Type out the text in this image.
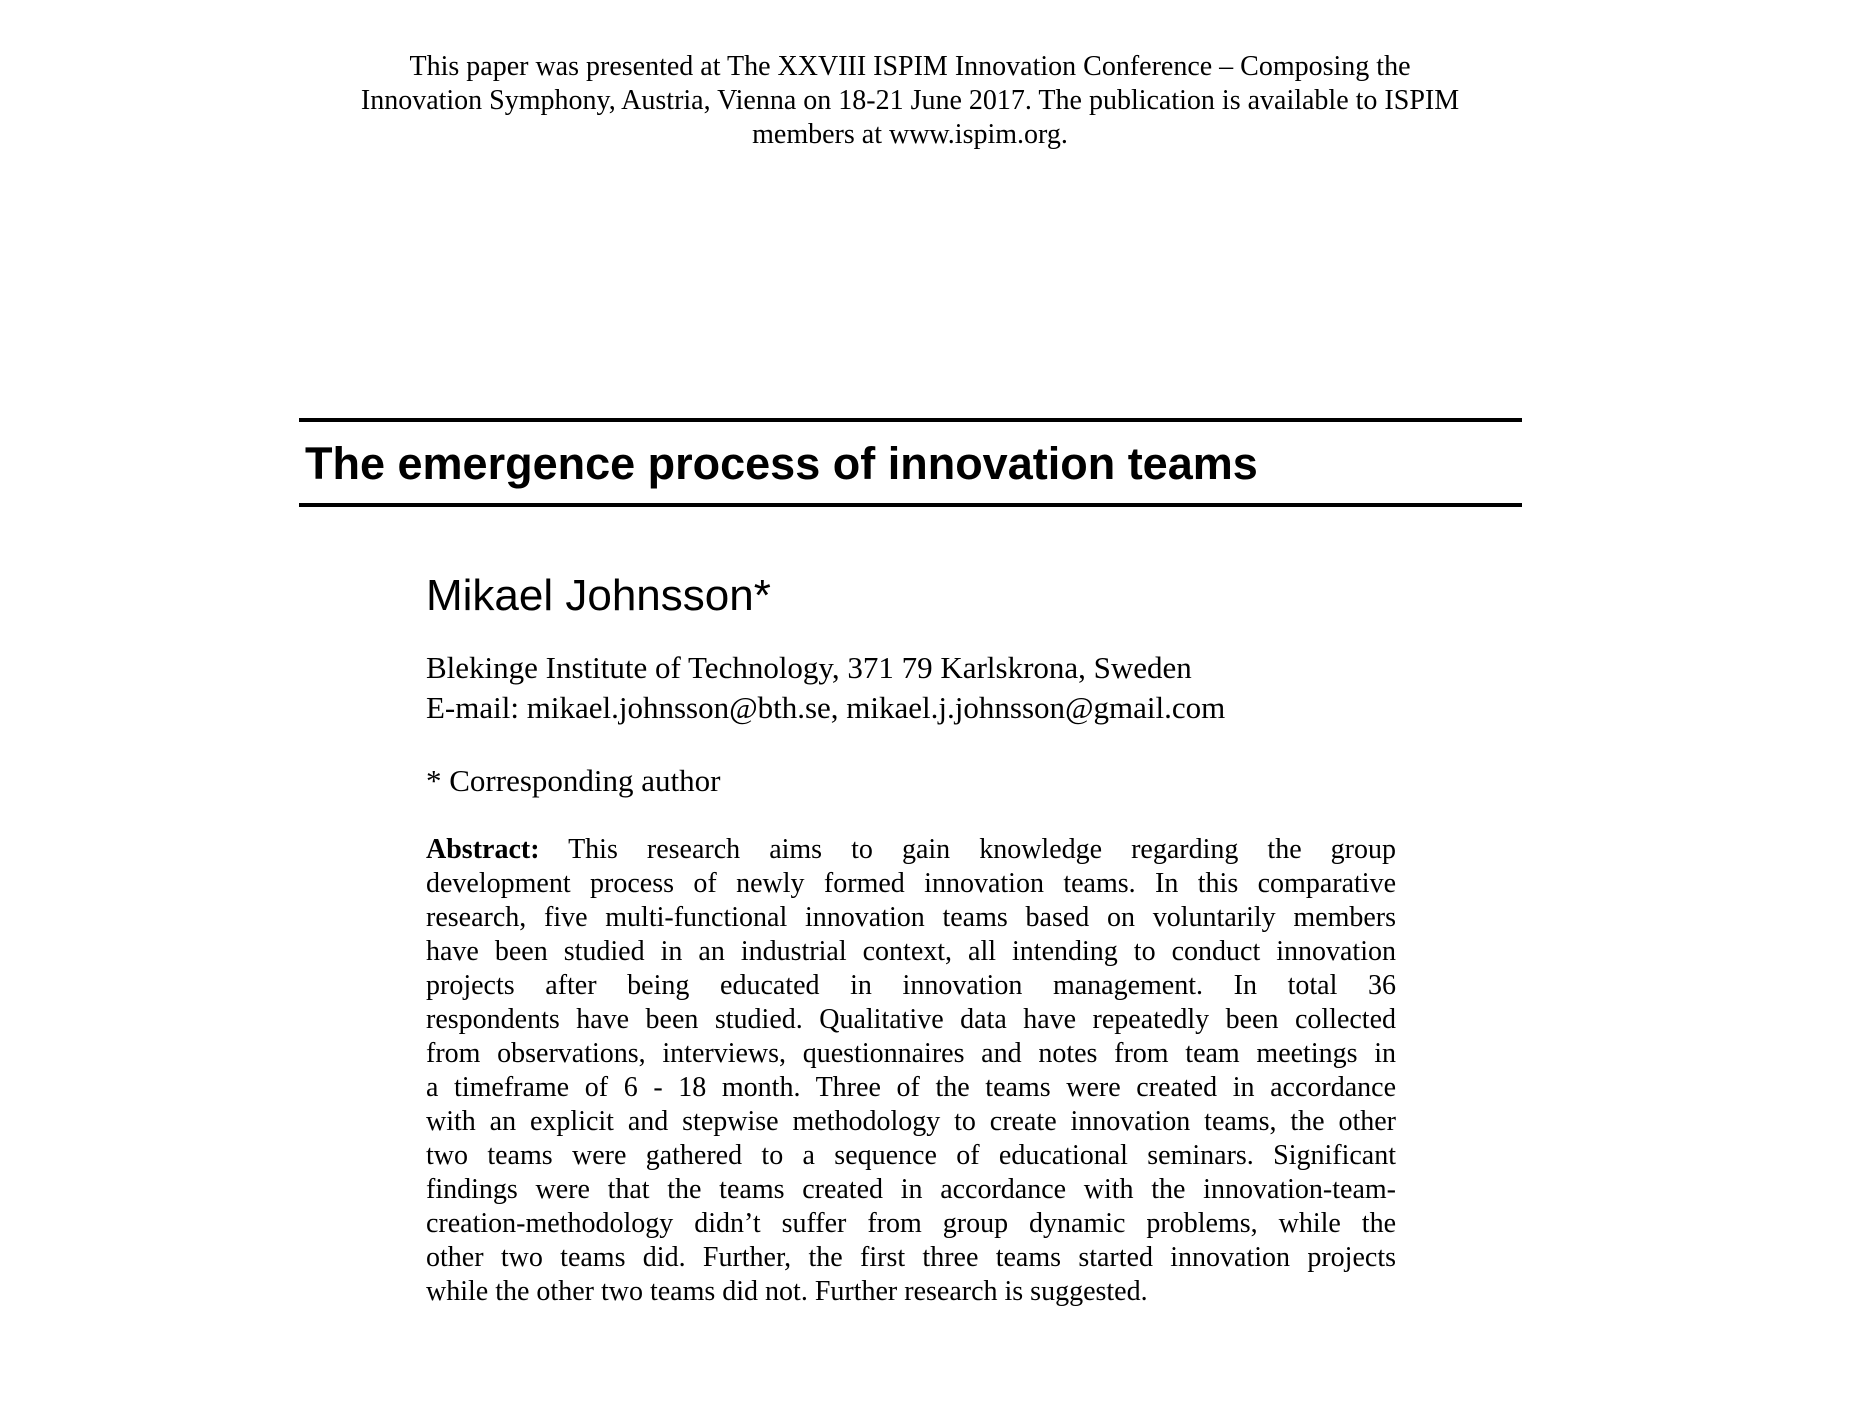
This paper was presented at The XXVIII ISPIM Innovation Conference – Composing the
Innovation Symphony, Austria, Vienna on 18-21 June 2017. The publication is available to ISPIM
members at www.ispim.org.
The emergence process of innovation teams
Mikael Johnsson*
Blekinge Institute of Technology, 371 79 Karlskrona, Sweden
E-mail: mikael.johnsson@bth.se, mikael.j.johnsson@gmail.com
* Corresponding author
Abstract: This research aims to gain knowledge regarding the group
development process of newly formed innovation teams. In this comparative
research, five multi-functional innovation teams based on voluntarily members
have been studied in an industrial context, all intending to conduct innovation
projects after being educated in innovation management. In total 36
respondents have been studied. Qualitative data have repeatedly been collected
from observations, interviews, questionnaires and notes from team meetings in
a timeframe of 6 - 18 month. Three of the teams were created in accordance
with an explicit and stepwise methodology to create innovation teams, the other
two teams were gathered to a sequence of educational seminars. Significant
findings were that the teams created in accordance with the innovation-team-
creation-methodology didn’t suffer from group dynamic problems, while the
other two teams did. Further, the first three teams started innovation projects
while the other two teams did not. Further research is suggested.
